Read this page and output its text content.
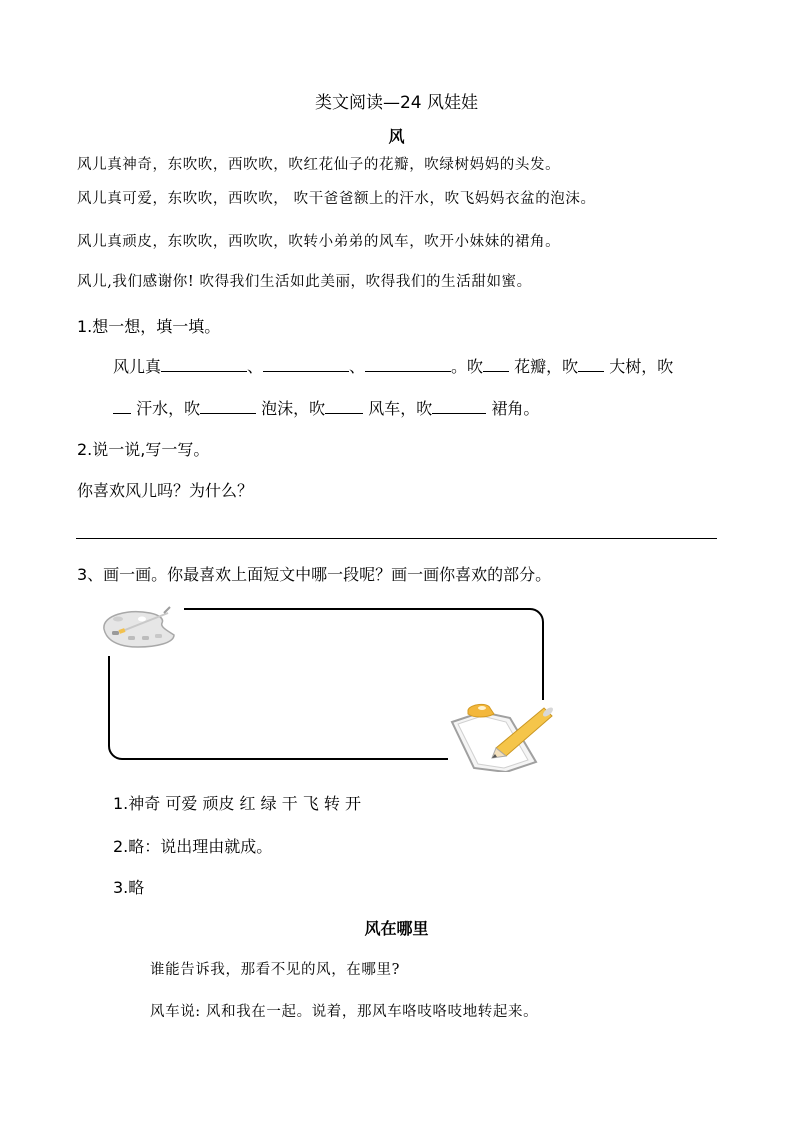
类文阅读—24 风娃娃
风
风儿真神奇，东吹吹，西吹吹，吹红花仙子的花瓣，吹绿树妈妈的头发。
风儿真可爱，东吹吹，西吹吹， 吹干爸爸额上的汗水，吹飞妈妈衣盆的泡沫。
风儿真顽皮，东吹吹，西吹吹，吹转小弟弟的风车，吹开小妹妹的裙角。
风儿,我们感谢你! 吹得我们生活如此美丽，吹得我们的生活甜如蜜。
1.想一想，填一填。
风儿真	、	、	。吹 花瓣，吹 大树，吹
汗水，吹	泡沫，吹 风车，吹	裙角。
2.说一说,写一写。
你喜欢风儿吗？为什么？
3、画一画。你最喜欢上面短文中哪一段呢？画一画你喜欢的部分。
1.神奇 可爱 顽皮 红 绿 干 飞 转 开
2.略：说出理由就成。
3.略
风在哪里
谁能告诉我，那看不见的风，在哪里?
风车说: 风和我在一起。说着，那风车咯吱咯吱地转起来。
